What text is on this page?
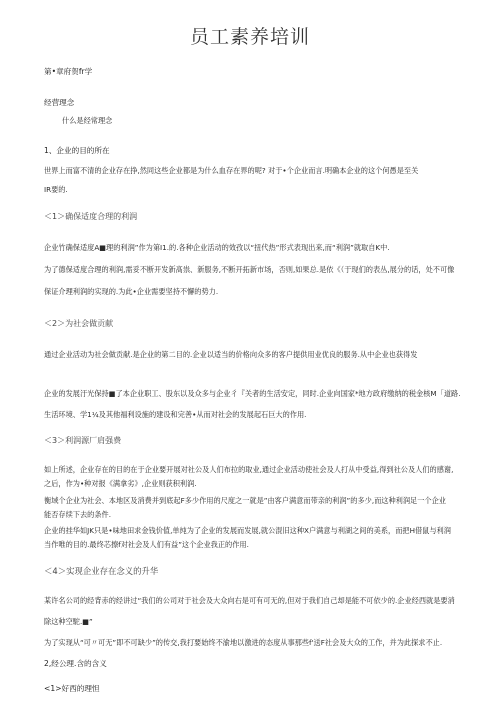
员工素养培训
第•章府贺fr学
经营理念
什么是经常理念
1、企业的目的所在
世界上而富不清的企业存在挣,然同这些企业都是为什么血存在界的呢? 对于•个企业而言.明确本企业的这个何愚是至关
IR要的.
＜1＞确保适度合理的利润
企业竹确保适度A■理的利润”作为第I1.的.各种企业活动的效孜以“扭代热”形式表现出来,而“利润”就取自K中.
为了德保适度合理的利润,需妥不断开发新髙祟、新服务,不断开拓新市场，否则,如果总.是依《（于现们的表丛,展分的话，处不可像
保证介理利润的实现的.为此•企业需要坚持不懈的势力.
＜2＞为社会做贡献
通过企业活动为社会做贡献.是企业的第二目的.企业以适当的价格向众多的客户提供用业优良的服务.从中企业也获得发
企业的发展汙光保持■了本企业职工、股东以及众多与企业彳『关者的生活安定，同时.企业向国家*地方政府缴纳的税金核M「道路.
生活环境、学1¼及其他福利设施的建设和完善•从而对社会的发展起石巨大的作用.
＜3＞利润源厂肩强费
如上所述，企业存在的目的在于企业要开展对社公及人们布拉的取业,通过企业活动使社会及人打从中受益,得到社公及人们的感谢,
之后，作为•种对报《满拿劣》,企业则获积利润.
衡域个企业为社会、本地区及消费并到底起F多少作用的尺度之一就是”由客户满意而带亲的利润”的多少,而这种利润足一个企业
能否存续下去的条件.
企业的挂华如JK只是•味地田求金钱价值,单纯为了企业的发展而发展,就公混旧这种X户满意与利湖之间的美系，而把H借鼠与利润
当作唯的目的.最终芯擦f对社会及人们有益”这个企业我正的作用.
＜4＞实现企业存在念义的升华
某许名公司的经背赤的经讲过“我们的公司对于社会及大众向右是可有可无的,但对于我们自己却是能不可依少的.企业经西就是要消
除这种空駝.■”
为了实现从“可〃可无”即不可缺少”的传交,我打要始终不渝地以激进的态度从事那些f'送F社会及大众的工作，并为此探求不止.
2,经公理.含的含义
<1>好西的理怛
